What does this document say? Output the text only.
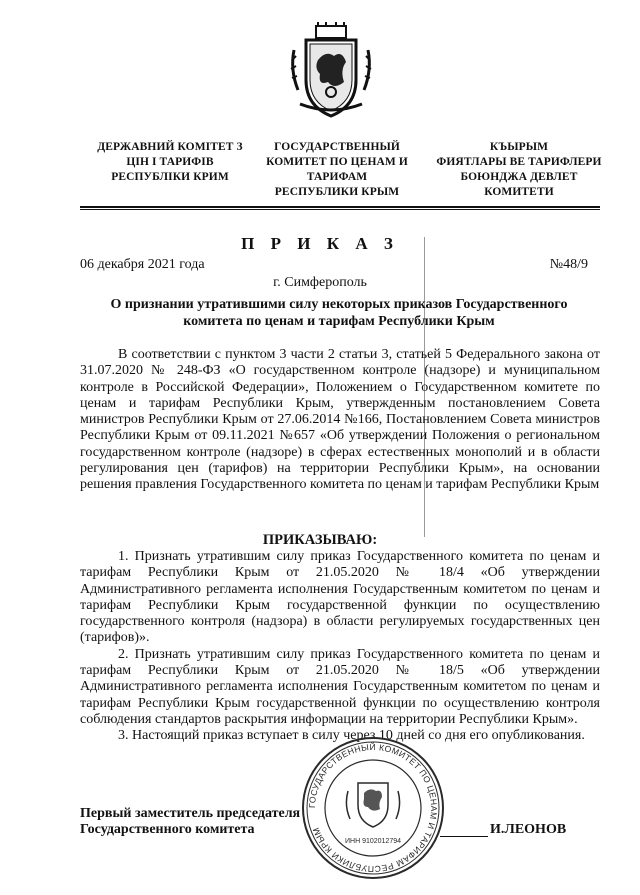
ДЕРЖАВНИЙ КОМІТЕТ З
ЦІН І ТАРИФІВ
РЕСПУБЛІКИ КРИМ
ГОСУДАРСТВЕННЫЙ
КОМИТЕТ ПО ЦЕНАМ И
ТАРИФАМ
РЕСПУБЛИКИ КРЫМ
КЪЫРЫМ
ФИЯТЛАРЫ ВЕ ТАРИФЛЕРИ
БОЮНДЖА ДЕВЛЕТ
КОМИТЕТИ
П Р И К А З
06 декабря 2021 года	№48/9
г. Симферополь
О признании утратившими силу некоторых приказов Государственного комитета по ценам и тарифам Республики Крым

В соответствии с пунктом 3 части 2 статьи 3, статьей 5 Федерального закона от 31.07.2020 № 248-ФЗ «О государственном контроле (надзоре) и муниципальном контроле в Российской Федерации», Положением о Государственном комитете по ценам и тарифам Республики Крым, утвержденным постановлением Совета министров Республики Крым от 27.06.2014 №166, Постановлением Совета министров Республики Крым от 09.11.2021 №657 «Об утверждении Положения о региональном государственном контроле (надзоре) в сферах естественных монополий и в области регулирования цен (тарифов) на территории Республики Крым», на основании решения правления Государственного комитета по ценам и тарифам Республики Крым

ПРИКАЗЫВАЮ:

1. Признать утратившим силу приказ Государственного комитета по ценам и тарифам Республики Крым от 21.05.2020 № 18/4 «Об утверждении Административного регламента исполнения Государственным комитетом по ценам и тарифам Республики Крым государственной функции по осуществлению государственного контроля (надзора) в области регулируемых государственных цен (тарифов)».

2. Признать утратившим силу приказ Государственного комитета по ценам и тарифам Республики Крым от 21.05.2020 № 18/5 «Об утверждении Административного регламента исполнения Государственным комитетом по ценам и тарифам Республики Крым государственной функции по осуществлению контроля соблюдения стандартов раскрытия информации на территории Республики Крым».

3. Настоящий приказ вступает в силу через 10 дней со дня его опубликования.

ГОСУДАРСТВЕННЫЙ КОМИТЕТ ПО ЦЕНАМ И ТАРИФАМ РЕСПУБЛИКИ КРЫМ
ИНН 9102012794
Первый заместитель председателя
Государственного комитета	И.ЛЕОНОВ
